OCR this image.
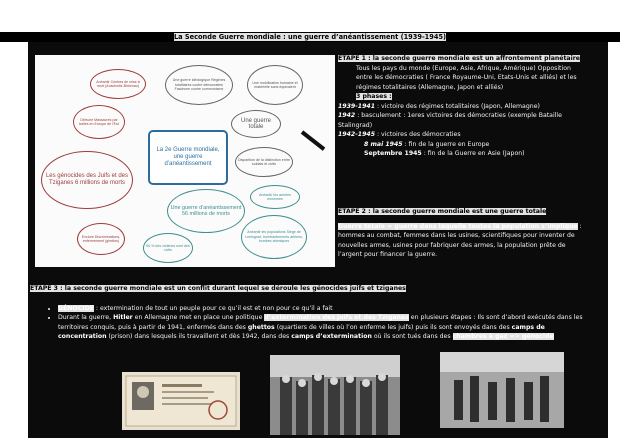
La Seconde Guerre mondiale : une guerre d’anéantissement (1939-1945)
Anéantir Centres de mise à mort (Auschwitz-Birkenau)
Une guerre idéologique Régimes totalitaires contre démocraties Fascisme contre communisme
Une mobilisation humaine et matérielle sans équivalent
Détruire Massacres par balles en Europe de l’Est
Une guerre totale
La 2e Guerre mondiale, une guerre d’anéantissement
Les génocides des Juifs et des Tziganes 6 millions de morts
Disparition de la distinction entre soldats et civils
Une guerre d’anéantissement 56 millions de morts
Anéantir les armées ennemies
Exclure Discriminations, enfermement (ghettos)
60 % des victimes sont des civils
Anéantir les populations Siège de Leningrad, bombardements aériens, bombes atomiques
ÉTAPE 1 : la seconde guerre mondiale est un affrontement planétaire
Tous les pays du monde (Europe, Asie, Afrique, Amérique) Opposition entre les démocraties ( France Royaume-Uni, Etats-Unis et alliés) et les régimes totalitaires (Allemagne, Japon et alliés)
3 phases :
1939-1941 : victoire des régimes totalitaires (Japon, Allemagne)
1942 : basculement : 1eres victoires des démocraties (exemple Bataille Stalingrad)
1942-1945 : victoires des démocraties
8 mai 1945 : fin de la guerre en Europe
Septembre 1945 : fin de la Guerre en Asie (Japon)
ÉTAPE 2 : la seconde guerre mondiale est une guerre totale
Guerre totale = guerre dans laquelle toutes la population s’implique : hommes au combat, femmes dans les usines, scientifiques pour inventer de nouvelles armes, usines pour fabriquer des armes, la population prête de l’argent pour financer la guerre.
ÉTAPE 3 : la seconde guerre mondiale est un conflit durant lequel se déroule les génocides juifs et tziganes
• GÉNOCIDE : extermination de tout un peuple pour ce qu’il est et non pour ce qu’il a fait
• Durant la guerre, Hitler en Allemagne met en place une politique d’extermination des juifs et des Tziganes en plusieurs étapes : Ils sont d’abord exécutés dans les territoires conquis, puis à partir de 1941, enfermés dans des ghettos (quartiers de villes où l’on enferme les juifs) puis ils sont envoyés dans des camps de concentration (prison) dans lesquels ils travaillent et dès 1942, dans des camps d’extermination où ils sont tués dans des chambres à gaz => génocide
